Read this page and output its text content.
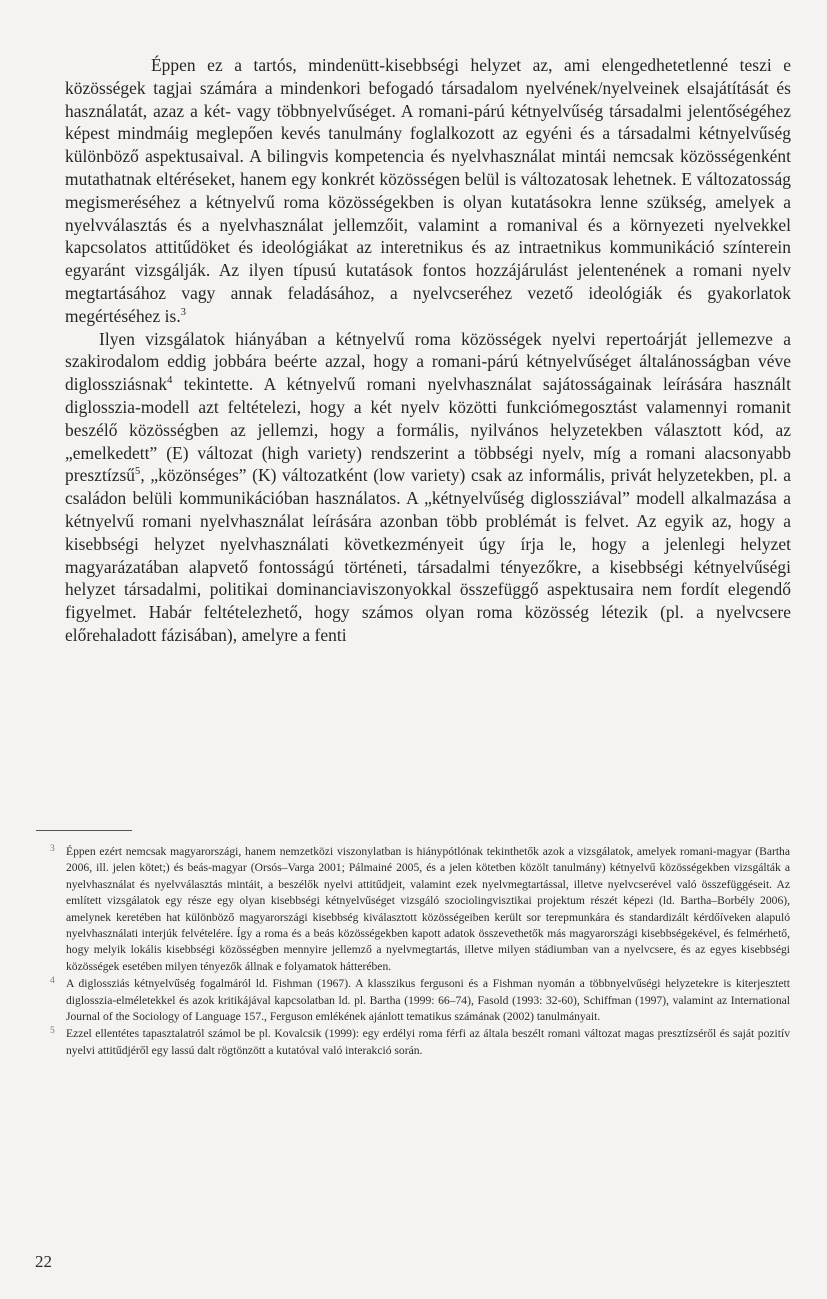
Éppen ez a tartós, mindenütt-kisebbségi helyzet az, ami elengedhetetlenné teszi e közösségek tagjai számára a mindenkori befogadó társadalom nyelvének/nyelveinek elsajátítását és használatát, azaz a két- vagy többnyelvűséget. A romani-párú kétnyelvűség társadalmi jelentőségéhez képest mindmáig meglepően kevés tanulmány foglalkozott az egyéni és a társadalmi kétnyelvűség különböző aspektusaival. A bilingvis kompetencia és nyelvhasználat mintái nemcsak közösségenként mutathatnak eltéréseket, hanem egy konkrét közösségen belül is változatosak lehetnek. E változatosság megismeréséhez a kétnyelvű roma közösségekben is olyan kutatásokra lenne szükség, amelyek a nyelvválasztás és a nyelvhasználat jellemzőit, valamint a romanival és a környezeti nyelvekkel kapcsolatos attitűdöket és ideológiákat az interetnikus és az intraetnikus kommunikáció színterein egyaránt vizsgálják. Az ilyen típusú kutatások fontos hozzájárulást jelentenének a romani nyelv megtartásához vagy annak feladásához, a nyelvcseréhez vezető ideológiák és gyakorlatok megértéséhez is.$^3$

Ilyen vizsgálatok hiányában a kétnyelvű roma közösségek nyelvi repertoárját jellemezve a szakirodalom eddig jobbára beérte azzal, hogy a romani-párú kétnyelvűséget általánosságban véve diglossziásnak$^4$ tekintette. A kétnyelvű romani nyelvhasználat sajátosságainak leírására használt diglosszia-modell azt feltételezi, hogy a két nyelv közötti funkciómegosztást valamennyi romanit beszélő közösségben az jellemzi, hogy a formális, nyilvános helyzetekben választott kód, az „emelkedett” (E) változat (high variety) rendszerint a többségi nyelv, míg a romani alacsonyabb presztízsű$^5$, „közönséges” (K) változatként (low variety) csak az informális, privát helyzetekben, pl. a családon belüli kommunikációban használatos. A „kétnyelvűség diglossziával” modell alkalmazása a kétnyelvű romani nyelvhasználat leírására azonban több problémát is felvet. Az egyik az, hogy a kisebbségi helyzet nyelvhasználati következményeit úgy írja le, hogy a jelenlegi helyzet magyarázatában alapvető fontosságú történeti, társadalmi tényezőkre, a kisebbségi kétnyelvűségi helyzet társadalmi, politikai dominanciaviszonyokkal összefüggő aspektusaira nem fordít elegendő figyelmet. Habár feltételezhető, hogy számos olyan roma közösség létezik (pl. a nyelvcsere előrehaladott fázisában), amelyre a fenti

3 Éppen ezért nemcsak magyarországi, hanem nemzetközi viszonylatban is hiánypótlónak tekinthetők azok a vizsgálatok, amelyek romani-magyar (Bartha 2006, ill. jelen kötet;) és beás-magyar (Orsós–Varga 2001; Pálmainé 2005, és a jelen kötetben közölt tanulmány) kétnyelvű közösségekben vizsgálták a nyelvhasználat és nyelvválasztás mintáit, a beszélők nyelvi attitűdjeit, valamint ezek nyelvmegtartással, illetve nyelvcserével való összefüggéseit. Az említett vizsgálatok egy része egy olyan kisebbségi kétnyelvűséget vizsgáló szociolingvisztikai projektum részét képezi (ld. Bartha–Borbély 2006), amelynek keretében hat különböző magyarországi kisebbség kiválasztott közösségeiben került sor terepmunkára és standardizált kérdőíveken alapuló nyelvhasználati interjúk felvételére. Így a roma és a beás közösségekben kapott adatok összevethetők más magyarországi kisebbségekével, és felmérhető, hogy melyik lokális kisebbségi közösségben mennyire jellemző a nyelvmegtartás, illetve milyen stádiumban van a nyelvcsere, és az egyes kisebbségi közösségek esetében milyen tényezők állnak e folyamatok hátterében.
4 A diglossziás kétnyelvűség fogalmáról ld. Fishman (1967). A klasszikus fergusoni és a Fishman nyomán a többnyelvűségi helyzetekre is kiterjesztett diglosszia-elméletekkel és azok kritikájával kapcsolatban ld. pl. Bartha (1999: 66–74), Fasold (1993: 32-60), Schiffman (1997), valamint az International Journal of the Sociology of Language 157., Ferguson emlékének ajánlott tematikus számának (2002) tanulmányait.
5 Ezzel ellentétes tapasztalatról számol be pl. Kovalcsik (1999): egy erdélyi roma férfi az általa beszélt romani változat magas presztízséről és saját pozitív nyelvi attitűdjéről egy lassú dalt rögtönzött a kutatóval való interakció során.
22
